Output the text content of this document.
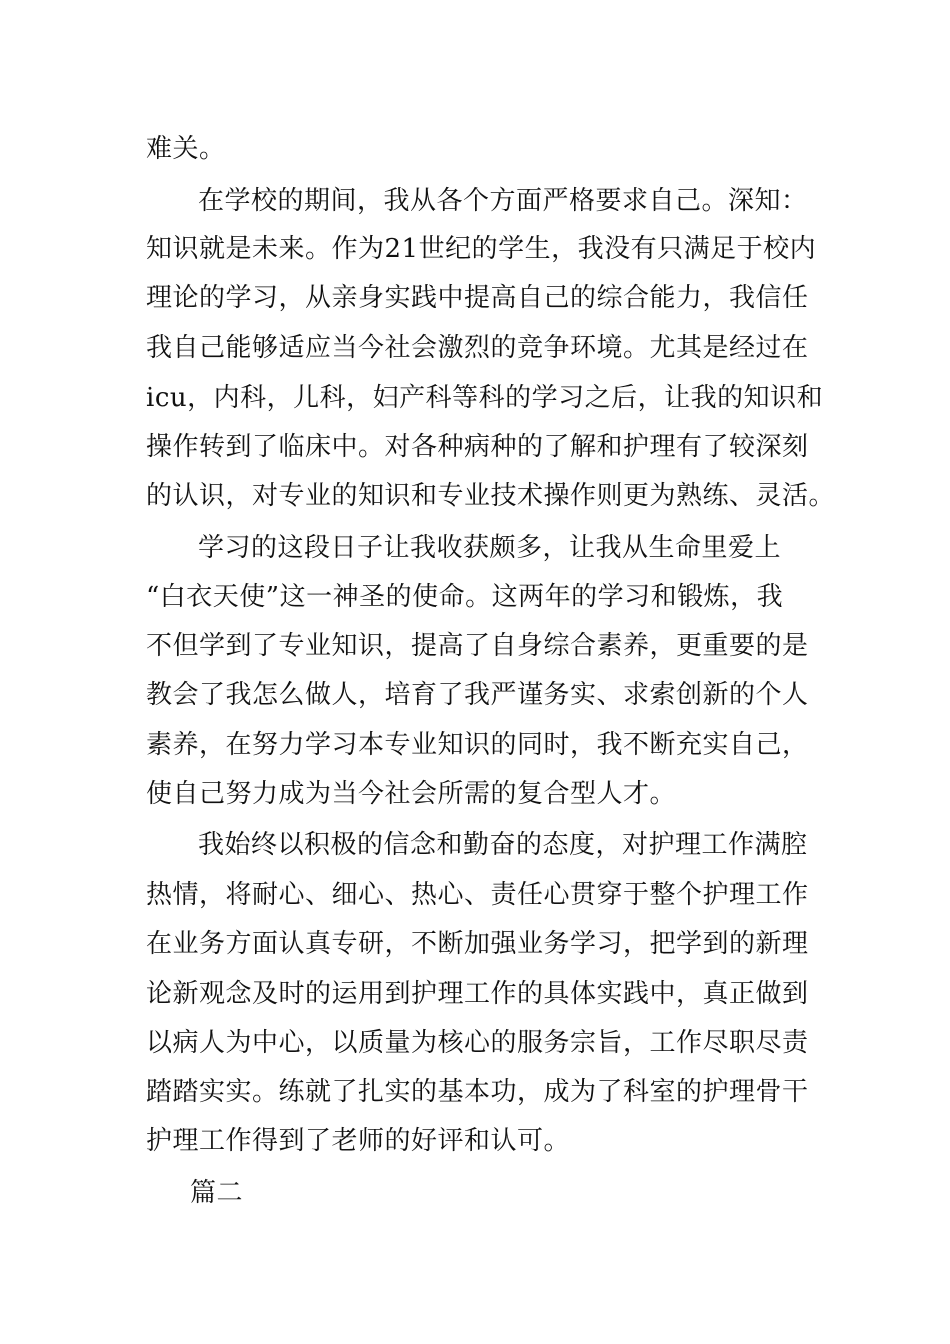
难关。
在学校的期间，我从各个方面严格要求自己。深知：
知识就是未来。作为21世纪的学生，我没有只满足于校内
理论的学习，从亲身实践中提高自己的综合能力，我信任
我自己能够适应当今社会激烈的竞争环境。尤其是经过在
icu，内科，儿科，妇产科等科的学习之后，让我的知识和
操作转到了临床中。对各种病种的了解和护理有了较深刻
的认识，对专业的知识和专业技术操作则更为熟练、灵活。
学习的这段日子让我收获颇多，让我从生命里爱上
“白衣天使”这一神圣的使命。这两年的学习和锻炼，我
不但学到了专业知识，提高了自身综合素养，更重要的是
教会了我怎么做人，培育了我严谨务实、求索创新的个人
素养，在努力学习本专业知识的同时，我不断充实自己，
使自己努力成为当今社会所需的复合型人才。
我始终以积极的信念和勤奋的态度，对护理工作满腔
热情，将耐心、细心、热心、责任心贯穿于整个护理工作
在业务方面认真专研，不断加强业务学习，把学到的新理
论新观念及时的运用到护理工作的具体实践中，真正做到
以病人为中心，以质量为核心的服务宗旨，工作尽职尽责
踏踏实实。练就了扎实的基本功，成为了科室的护理骨干
护理工作得到了老师的好评和认可。
篇二
